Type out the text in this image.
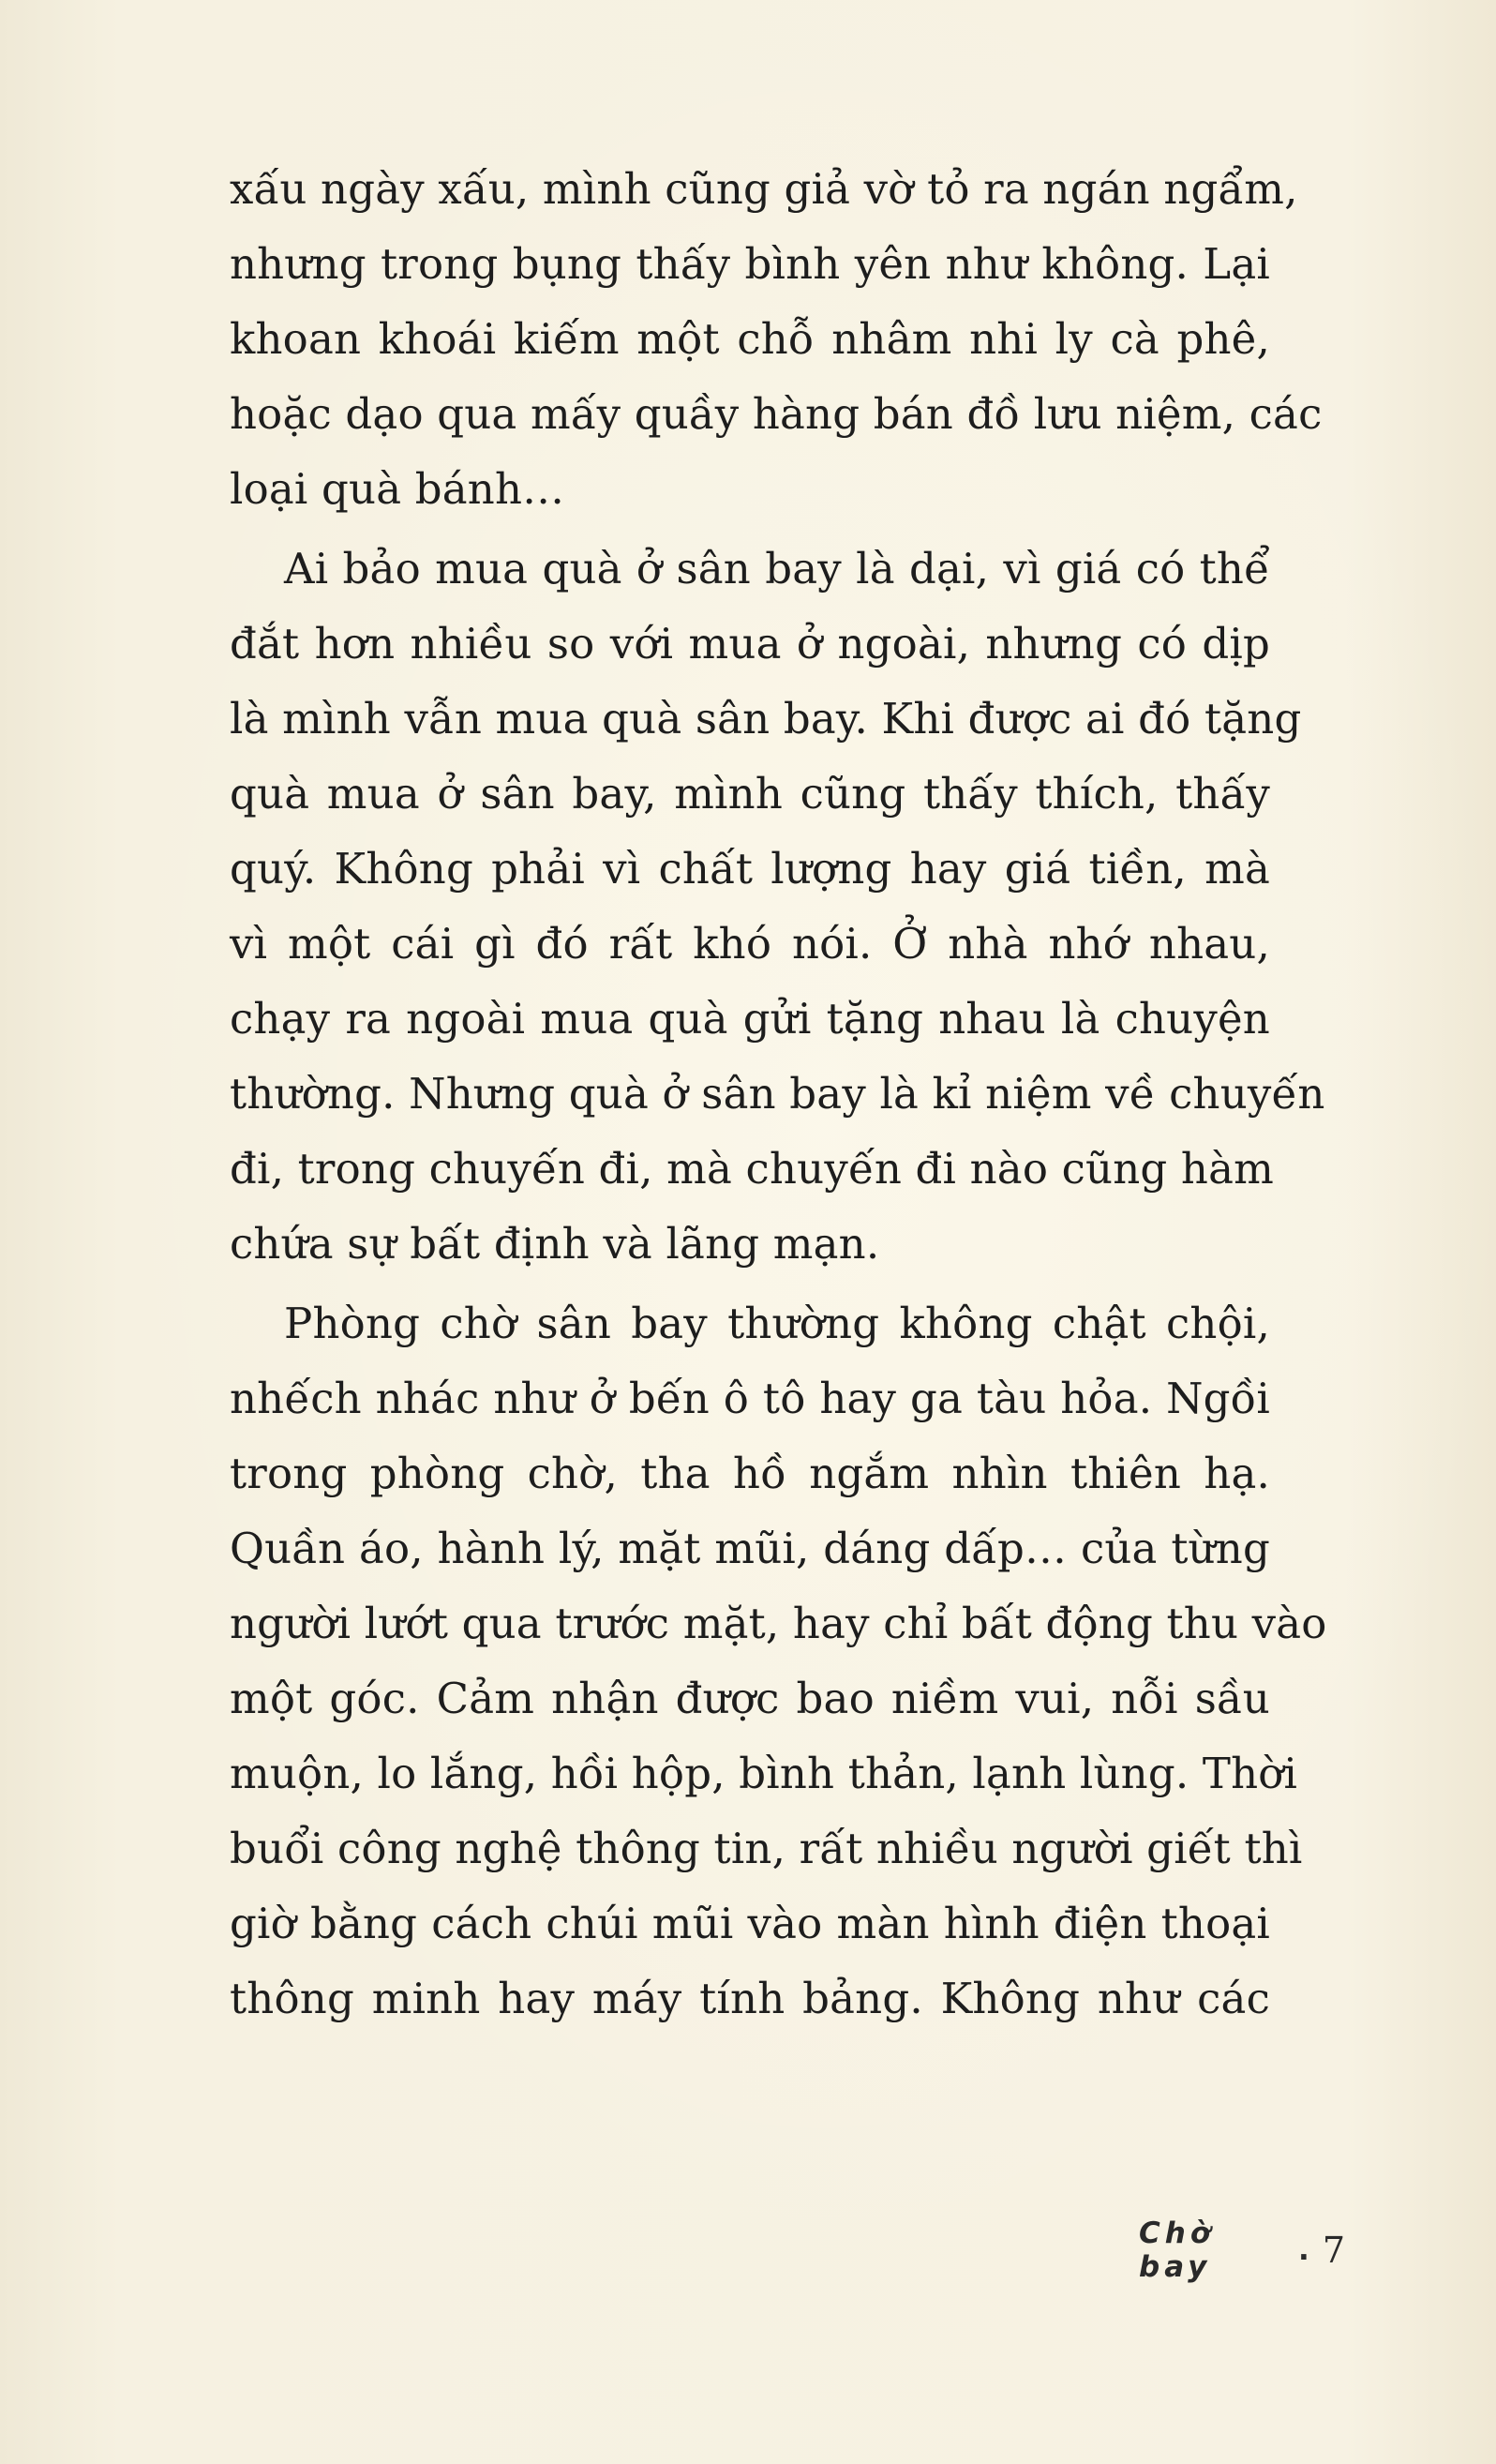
xấu ngày xấu, mình cũng giả vờ tỏ ra ngán ngẩm,
nhưng trong bụng thấy bình yên như không. Lại
khoan khoái kiếm một chỗ nhâm nhi ly cà phê,
hoặc dạo qua mấy quầy hàng bán đồ lưu niệm, các
loại quà bánh…
Ai bảo mua quà ở sân bay là dại, vì giá có thể
đắt hơn nhiều so với mua ở ngoài, nhưng có dịp
là mình vẫn mua quà sân bay. Khi được ai đó tặng
quà mua ở sân bay, mình cũng thấy thích, thấy
quý. Không phải vì chất lượng hay giá tiền, mà
vì một cái gì đó rất khó nói. Ở nhà nhớ nhau,
chạy ra ngoài mua quà gửi tặng nhau là chuyện
thường. Nhưng quà ở sân bay là kỉ niệm về chuyến
đi, trong chuyến đi, mà chuyến đi nào cũng hàm
chứa sự bất định và lãng mạn.
Phòng chờ sân bay thường không chật chội,
nhếch nhác như ở bến ô tô hay ga tàu hỏa. Ngồi
trong phòng chờ, tha hồ ngắm nhìn thiên hạ.
Quần áo, hành lý, mặt mũi, dáng dấp… của từng
người lướt qua trước mặt, hay chỉ bất động thu vào
một góc. Cảm nhận được bao niềm vui, nỗi sầu
muộn, lo lắng, hồi hộp, bình thản, lạnh lùng. Thời
buổi công nghệ thông tin, rất nhiều người giết thì
giờ bằng cách chúi mũi vào màn hình điện thoại
thông minh hay máy tính bảng. Không như các
Chờ bay	. 7
